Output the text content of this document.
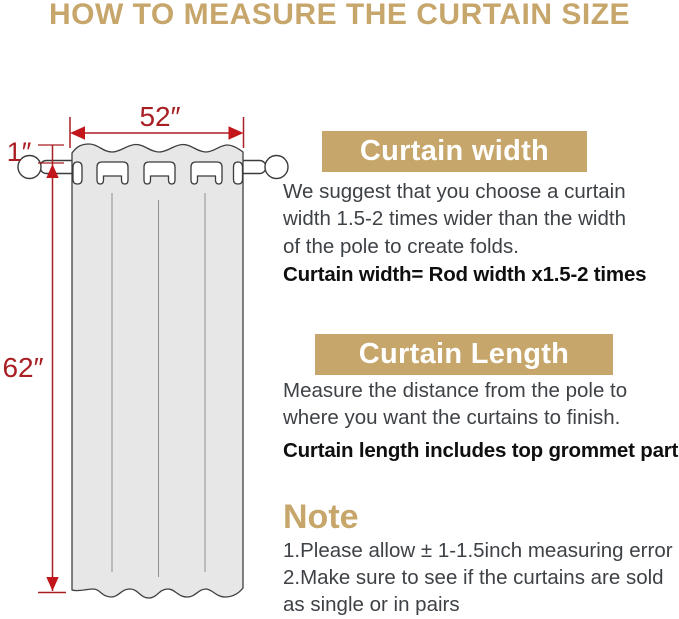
HOW TO MEASURE THE CURTAIN SIZE
52″
1″
62″
Curtain width
We suggest that you choose a curtain
width 1.5-2 times wider than the width
of the pole to create folds.
Curtain width= Rod width x1.5-2 times
Curtain Length
Measure the distance from the pole to
where you want the curtains to finish.
Curtain length includes top grommet part
Note
1.Please allow ± 1-1.5inch measuring error
2.Make sure to see if the curtains are sold
as single or in pairs
